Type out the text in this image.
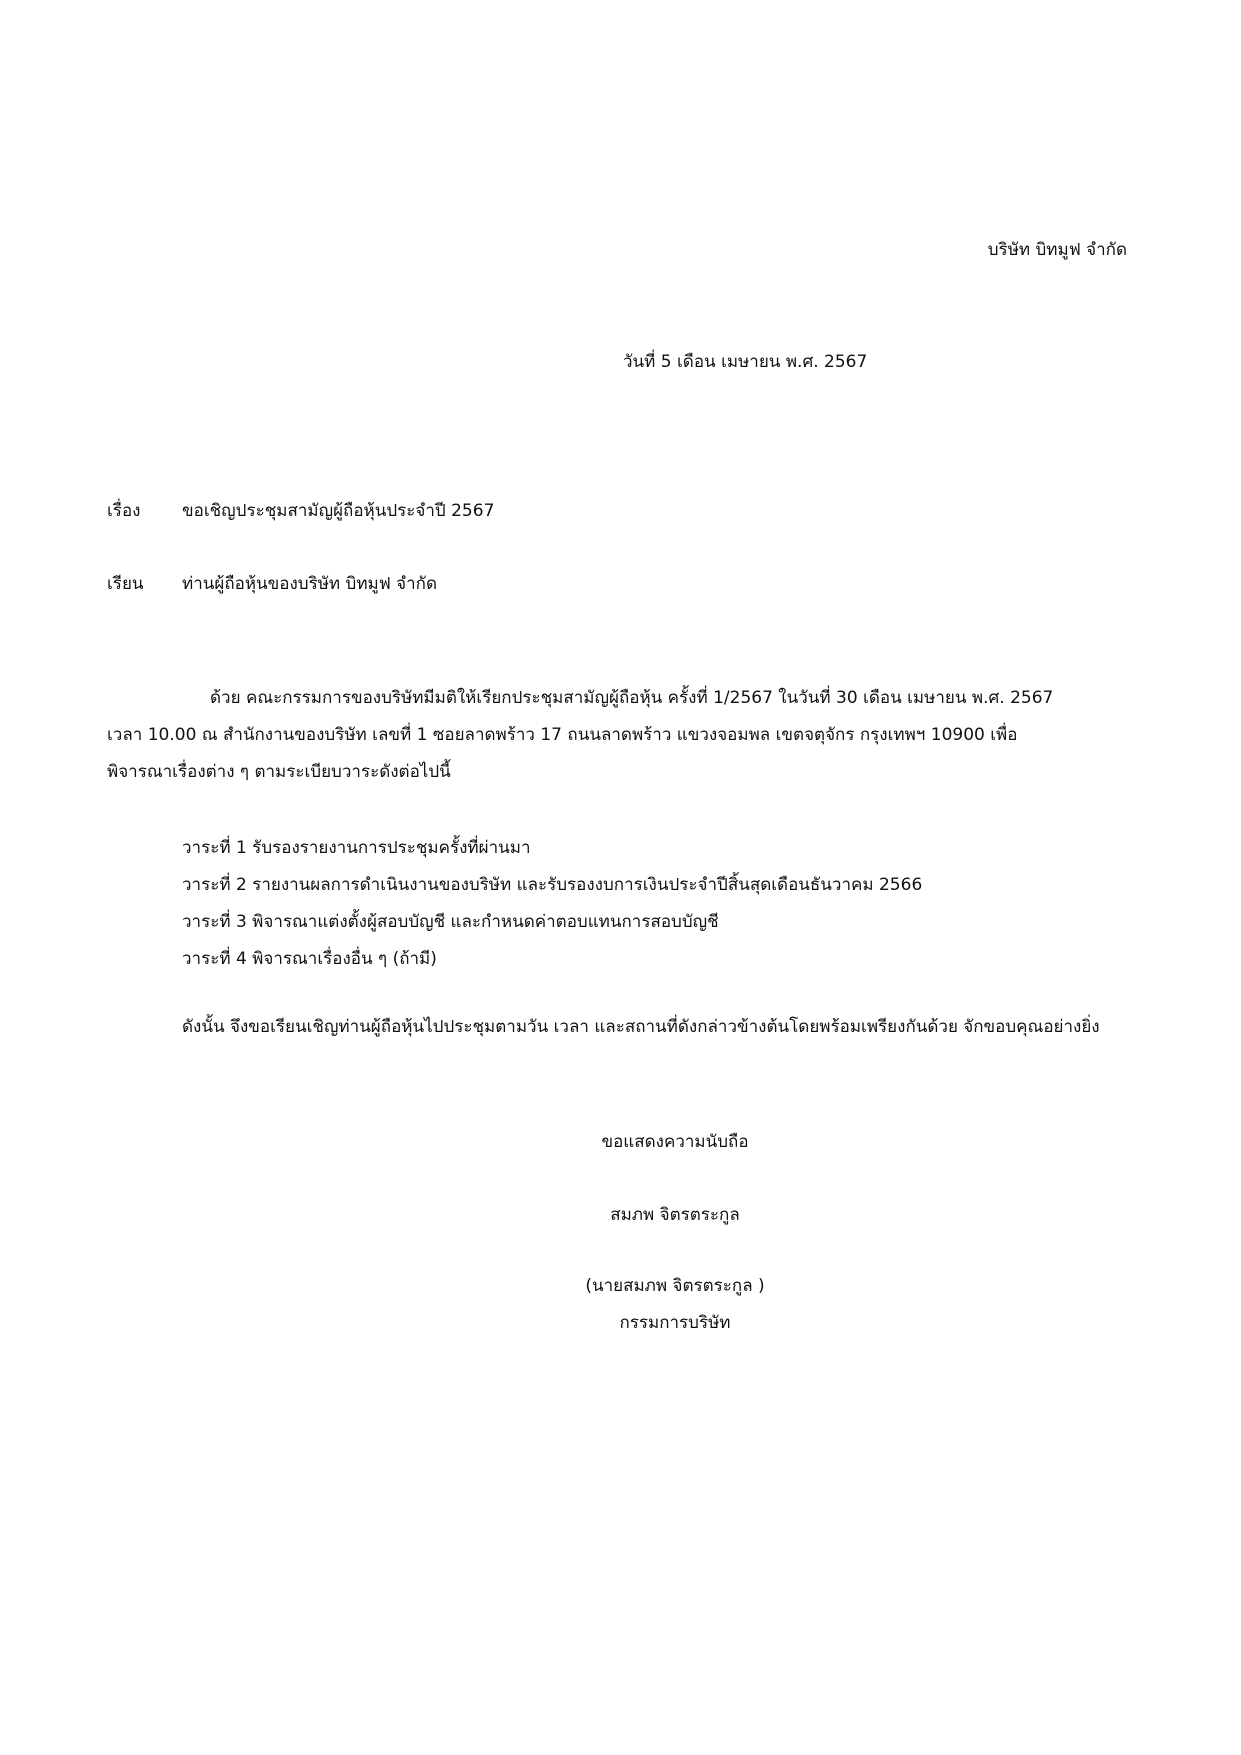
บริษัท บิทมูฟ จำกัด
วันที่ 5 เดือน เมษายน พ.ศ. 2567
เรื่อง ขอเชิญประชุมสามัญผู้ถือหุ้นประจำปี 2567
เรียน ท่านผู้ถือหุ้นของบริษัท บิทมูฟ จำกัด
ด้วย คณะกรรมการของบริษัทมีมติให้เรียกประชุมสามัญผู้ถือหุ้น ครั้งที่ 1/2567 ในวันที่ 30 เดือน เมษายน พ.ศ. 2567
เวลา 10.00 ณ สำนักงานของบริษัท เลขที่ 1 ซอยลาดพร้าว 17 ถนนลาดพร้าว แขวงจอมพล เขตจตุจักร กรุงเทพฯ 10900 เพื่อ
พิจารณาเรื่องต่าง ๆ ตามระเบียบวาระดังต่อไปนี้
วาระที่ 1 รับรองรายงานการประชุมครั้งที่ผ่านมา
วาระที่ 2 รายงานผลการดำเนินงานของบริษัท และรับรองงบการเงินประจำปีสิ้นสุดเดือนธันวาคม 2566
วาระที่ 3 พิจารณาแต่งตั้งผู้สอบบัญชี และกำหนดค่าตอบแทนการสอบบัญชี
วาระที่ 4 พิจารณาเรื่องอื่น ๆ (ถ้ามี)
ดังนั้น จึงขอเรียนเชิญท่านผู้ถือหุ้นไปประชุมตามวัน เวลา และสถานที่ดังกล่าวข้างต้นโดยพร้อมเพรียงกันด้วย จักขอบคุณอย่างยิ่ง
ขอแสดงความนับถือ
สมภพ จิตรตระกูล
(นายสมภพ จิตรตระกูล )
กรรมการบริษัท
